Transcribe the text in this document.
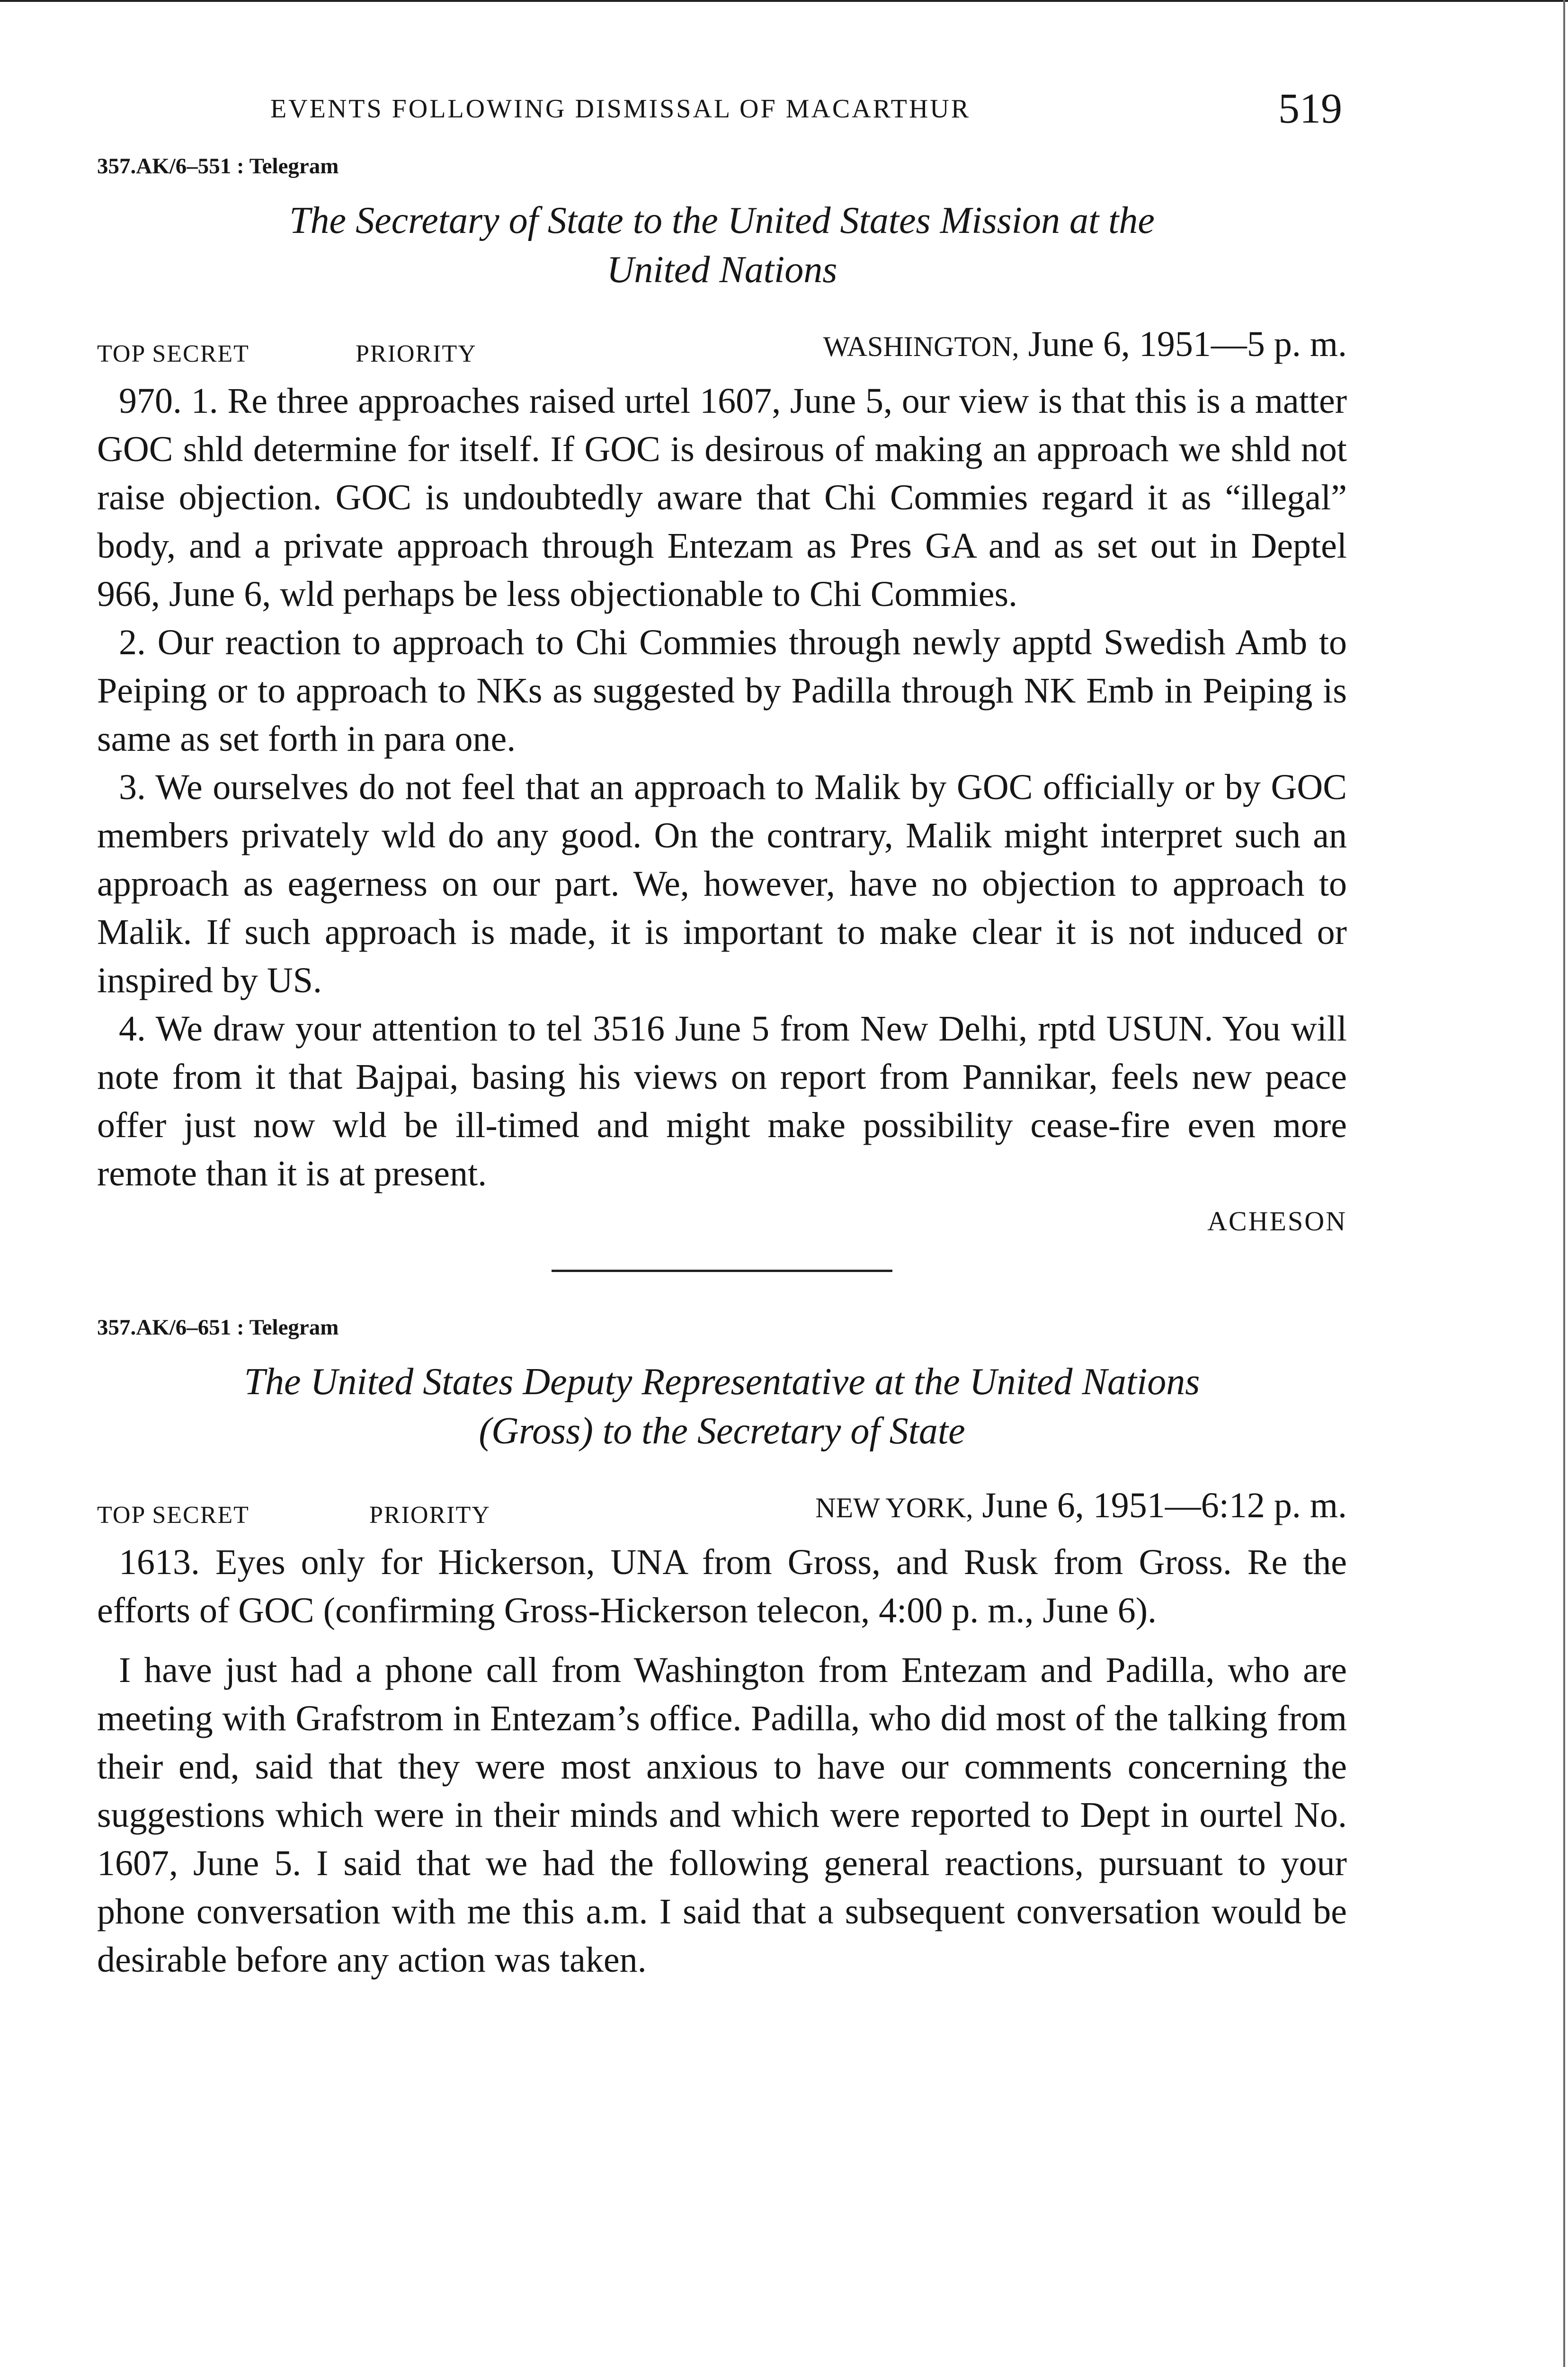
EVENTS FOLLOWING DISMISSAL OF MACARTHUR	519
357.AK/6–551 : Telegram
The Secretary of State to the United States Mission at the
United Nations
TOP SECRET	PRIORITY	WASHINGTON, June 6, 1951—5 p. m.

970. 1. Re three approaches raised urtel 1607, June 5, our view is that this is a matter GOC shld determine for itself. If GOC is desirous of making an approach we shld not raise objection. GOC is undoubtedly aware that Chi Commies regard it as “illegal” body, and a private approach through Entezam as Pres GA and as set out in Deptel 966, June 6, wld perhaps be less objectionable to Chi Commies.

2. Our reaction to approach to Chi Commies through newly apptd Swedish Amb to Peiping or to approach to NKs as suggested by Padilla through NK Emb in Peiping is same as set forth in para one.

3. We ourselves do not feel that an approach to Malik by GOC officially or by GOC members privately wld do any good. On the contrary, Malik might interpret such an approach as eagerness on our part. We, however, have no objection to approach to Malik. If such approach is made, it is important to make clear it is not induced or inspired by US.

4. We draw your attention to tel 3516 June 5 from New Delhi, rptd USUN. You will note from it that Bajpai, basing his views on report from Pannikar, feels new peace offer just now wld be ill-timed and might make possibility cease-fire even more remote than it is at present.

ACHESON
357.AK/6–651 : Telegram
The United States Deputy Representative at the United Nations
(Gross) to the Secretary of State
TOP SECRET	PRIORITY	NEW YORK, June 6, 1951—6:12 p. m.

1613. Eyes only for Hickerson, UNA from Gross, and Rusk from Gross. Re the efforts of GOC (confirming Gross-Hickerson telecon, 4:00 p. m., June 6).

I have just had a phone call from Washington from Entezam and Padilla, who are meeting with Grafstrom in Entezam’s office. Padilla, who did most of the talking from their end, said that they were most anxious to have our comments concerning the suggestions which were in their minds and which were reported to Dept in ourtel No. 1607, June 5. I said that we had the following general reactions, pursuant to your phone conversation with me this a.m. I said that a subsequent conversation would be desirable before any action was taken.
